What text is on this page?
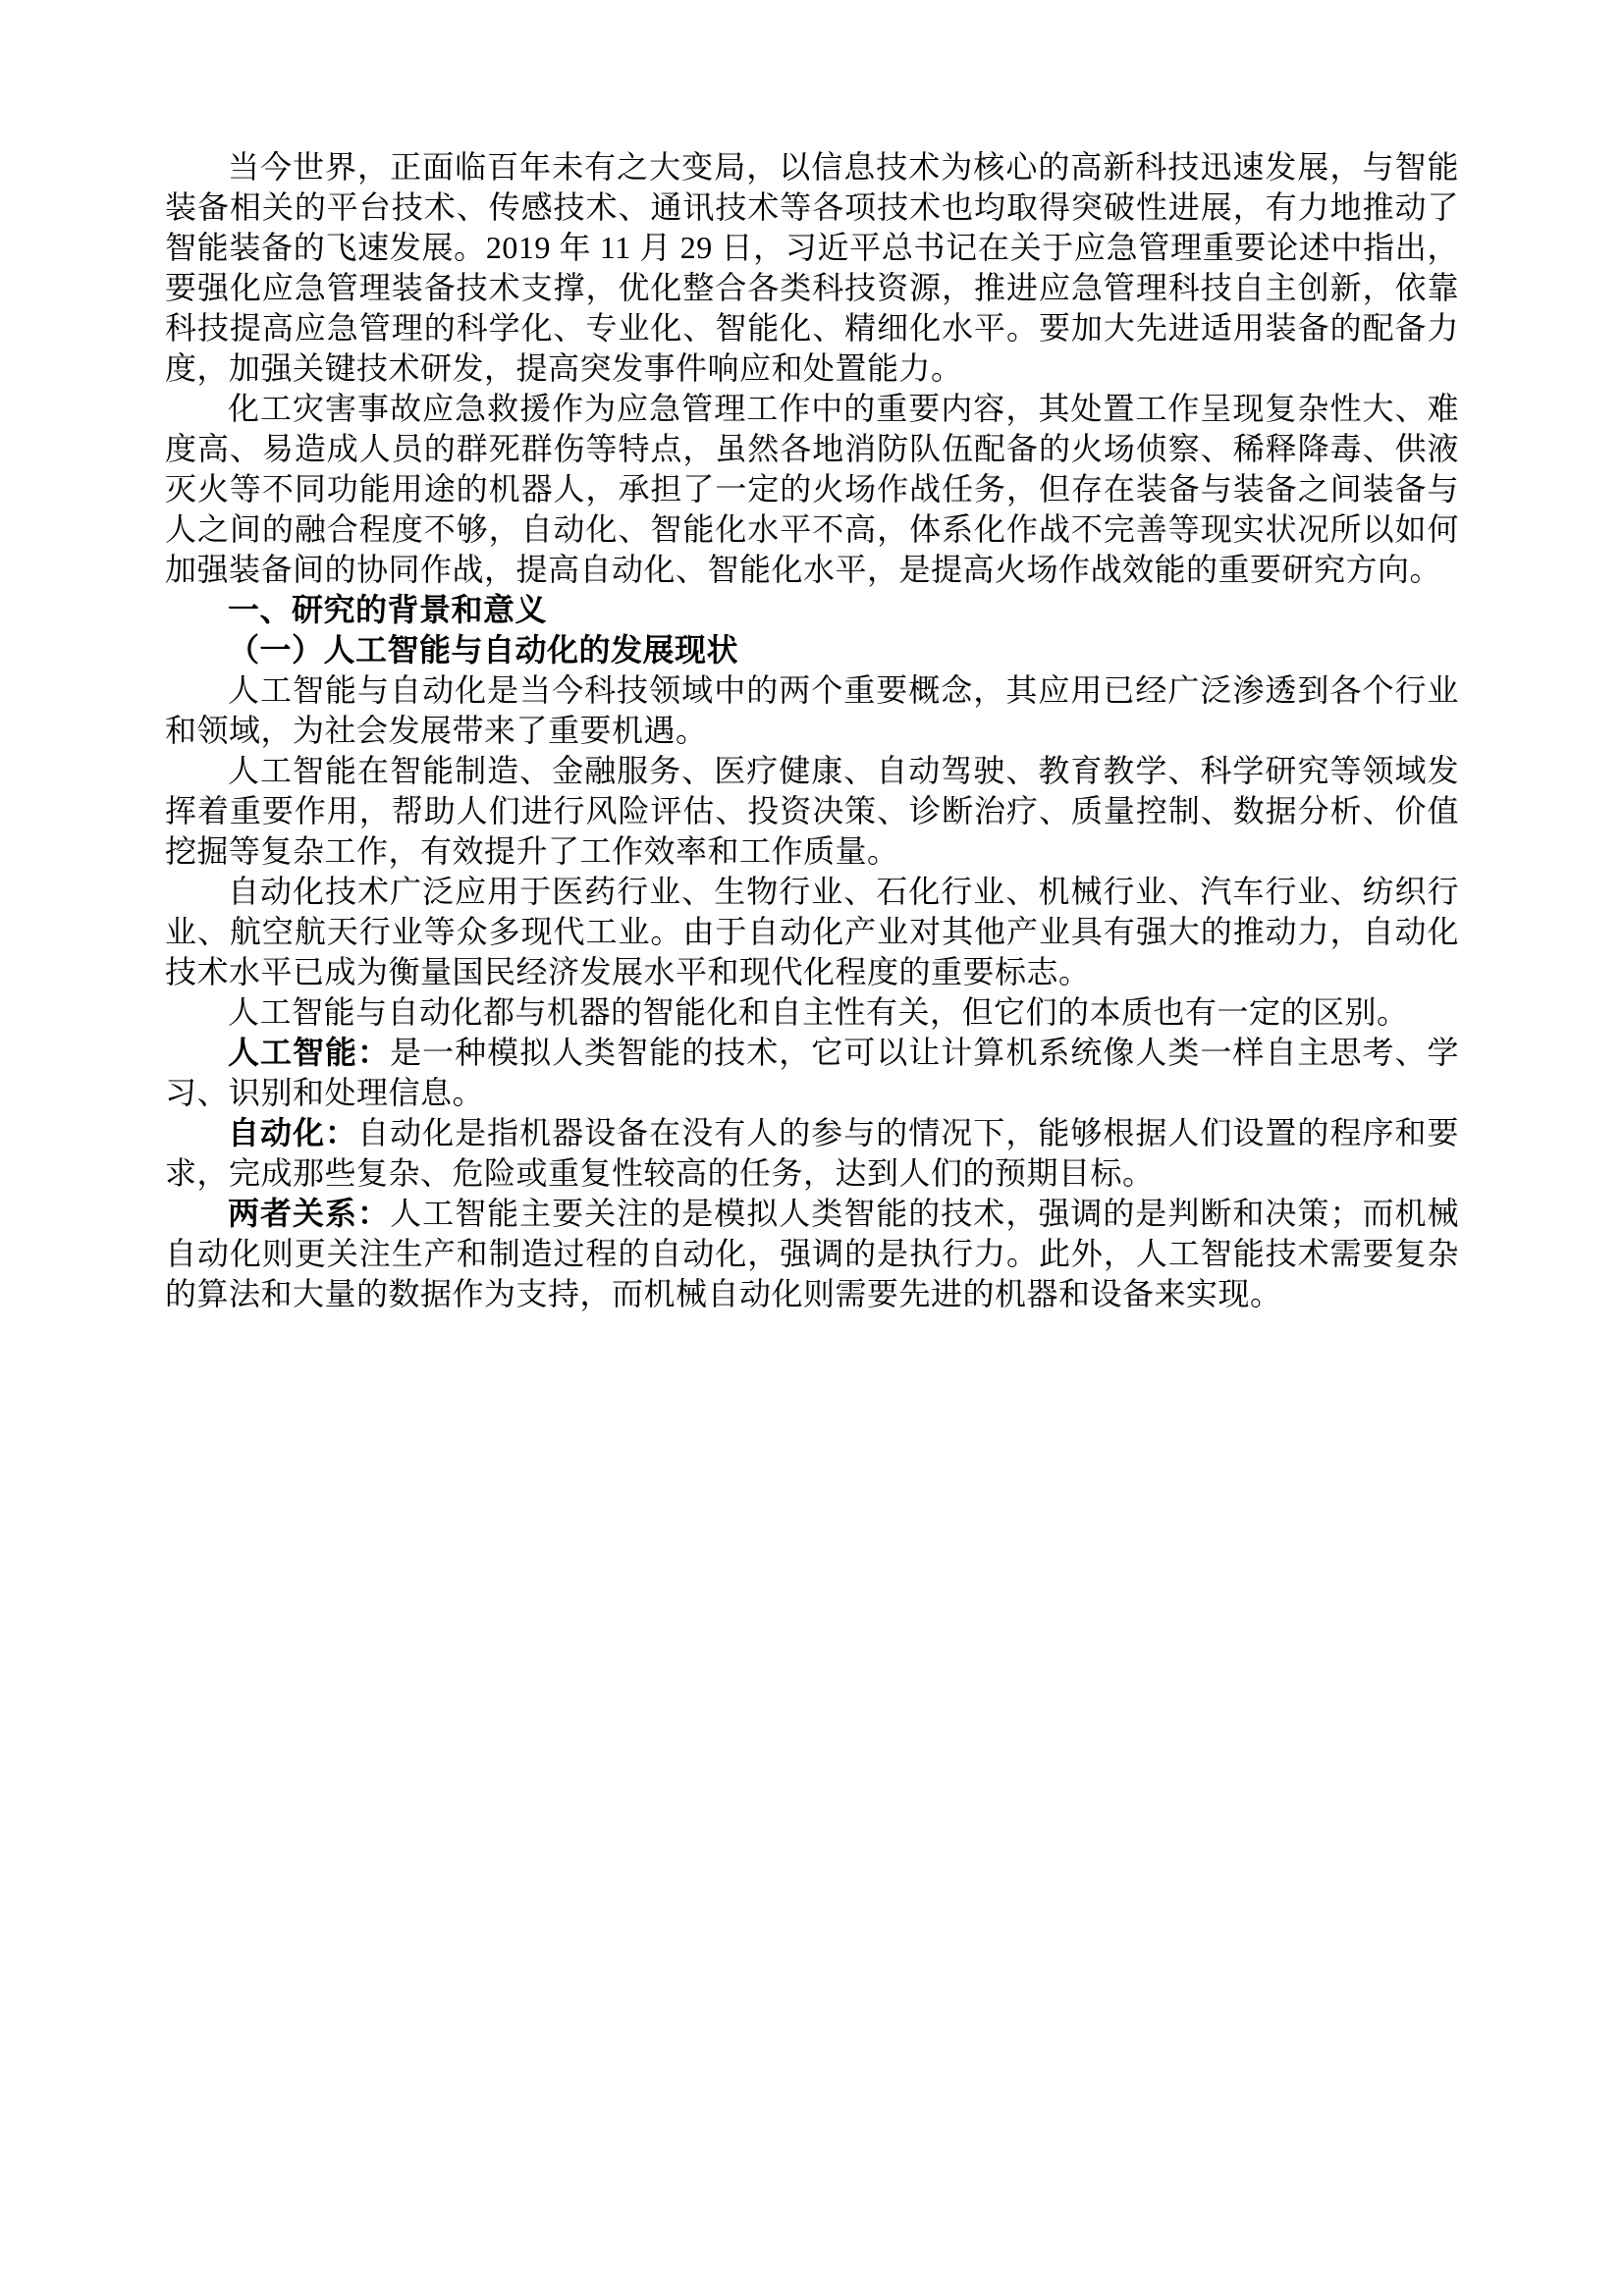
当今世界，正面临百年未有之大变局，以信息技术为核心的高新科技迅速发展，与智能装备相关的平台技术、传感技术、通讯技术等各项技术也均取得突破性进展，有力地推动了智能装备的飞速发展。2019 年 11 月 29 日，习近平总书记在关于应急管理重要论述中指出，要强化应急管理装备技术支撑，优化整合各类科技资源，推进应急管理科技自主创新，依靠科技提高应急管理的科学化、专业化、智能化、精细化水平。要加大先进适用装备的配备力度，加强关键技术研发，提高突发事件响应和处置能力。

化工灾害事故应急救援作为应急管理工作中的重要内容，其处置工作呈现复杂性大、难度高、易造成人员的群死群伤等特点，虽然各地消防队伍配备的火场侦察、稀释降毒、供液灭火等不同功能用途的机器人，承担了一定的火场作战任务，但存在装备与装备之间装备与人之间的融合程度不够，自动化、智能化水平不高，体系化作战不完善等现实状况所以如何加强装备间的协同作战，提高自动化、智能化水平，是提高火场作战效能的重要研究方向。

一、研究的背景和意义

（一）人工智能与自动化的发展现状

人工智能与自动化是当今科技领域中的两个重要概念，其应用已经广泛渗透到各个行业和领域，为社会发展带来了重要机遇。

人工智能在智能制造、金融服务、医疗健康、自动驾驶、教育教学、科学研究等领域发挥着重要作用，帮助人们进行风险评估、投资决策、诊断治疗、质量控制、数据分析、价值挖掘等复杂工作，有效提升了工作效率和工作质量。

自动化技术广泛应用于医药行业、生物行业、石化行业、机械行业、汽车行业、纺织行业、航空航天行业等众多现代工业。由于自动化产业对其他产业具有强大的推动力，自动化技术水平已成为衡量国民经济发展水平和现代化程度的重要标志。

人工智能与自动化都与机器的智能化和自主性有关，但它们的本质也有一定的区别。

人工智能：是一种模拟人类智能的技术，它可以让计算机系统像人类一样自主思考、学习、识别和处理信息。

自动化：自动化是指机器设备在没有人的参与的情况下，能够根据人们设置的程序和要求，完成那些复杂、危险或重复性较高的任务，达到人们的预期目标。

两者关系：人工智能主要关注的是模拟人类智能的技术，强调的是判断和决策；而机械自动化则更关注生产和制造过程的自动化，强调的是执行力。此外，人工智能技术需要复杂的算法和大量的数据作为支持，而机械自动化则需要先进的机器和设备来实现。
